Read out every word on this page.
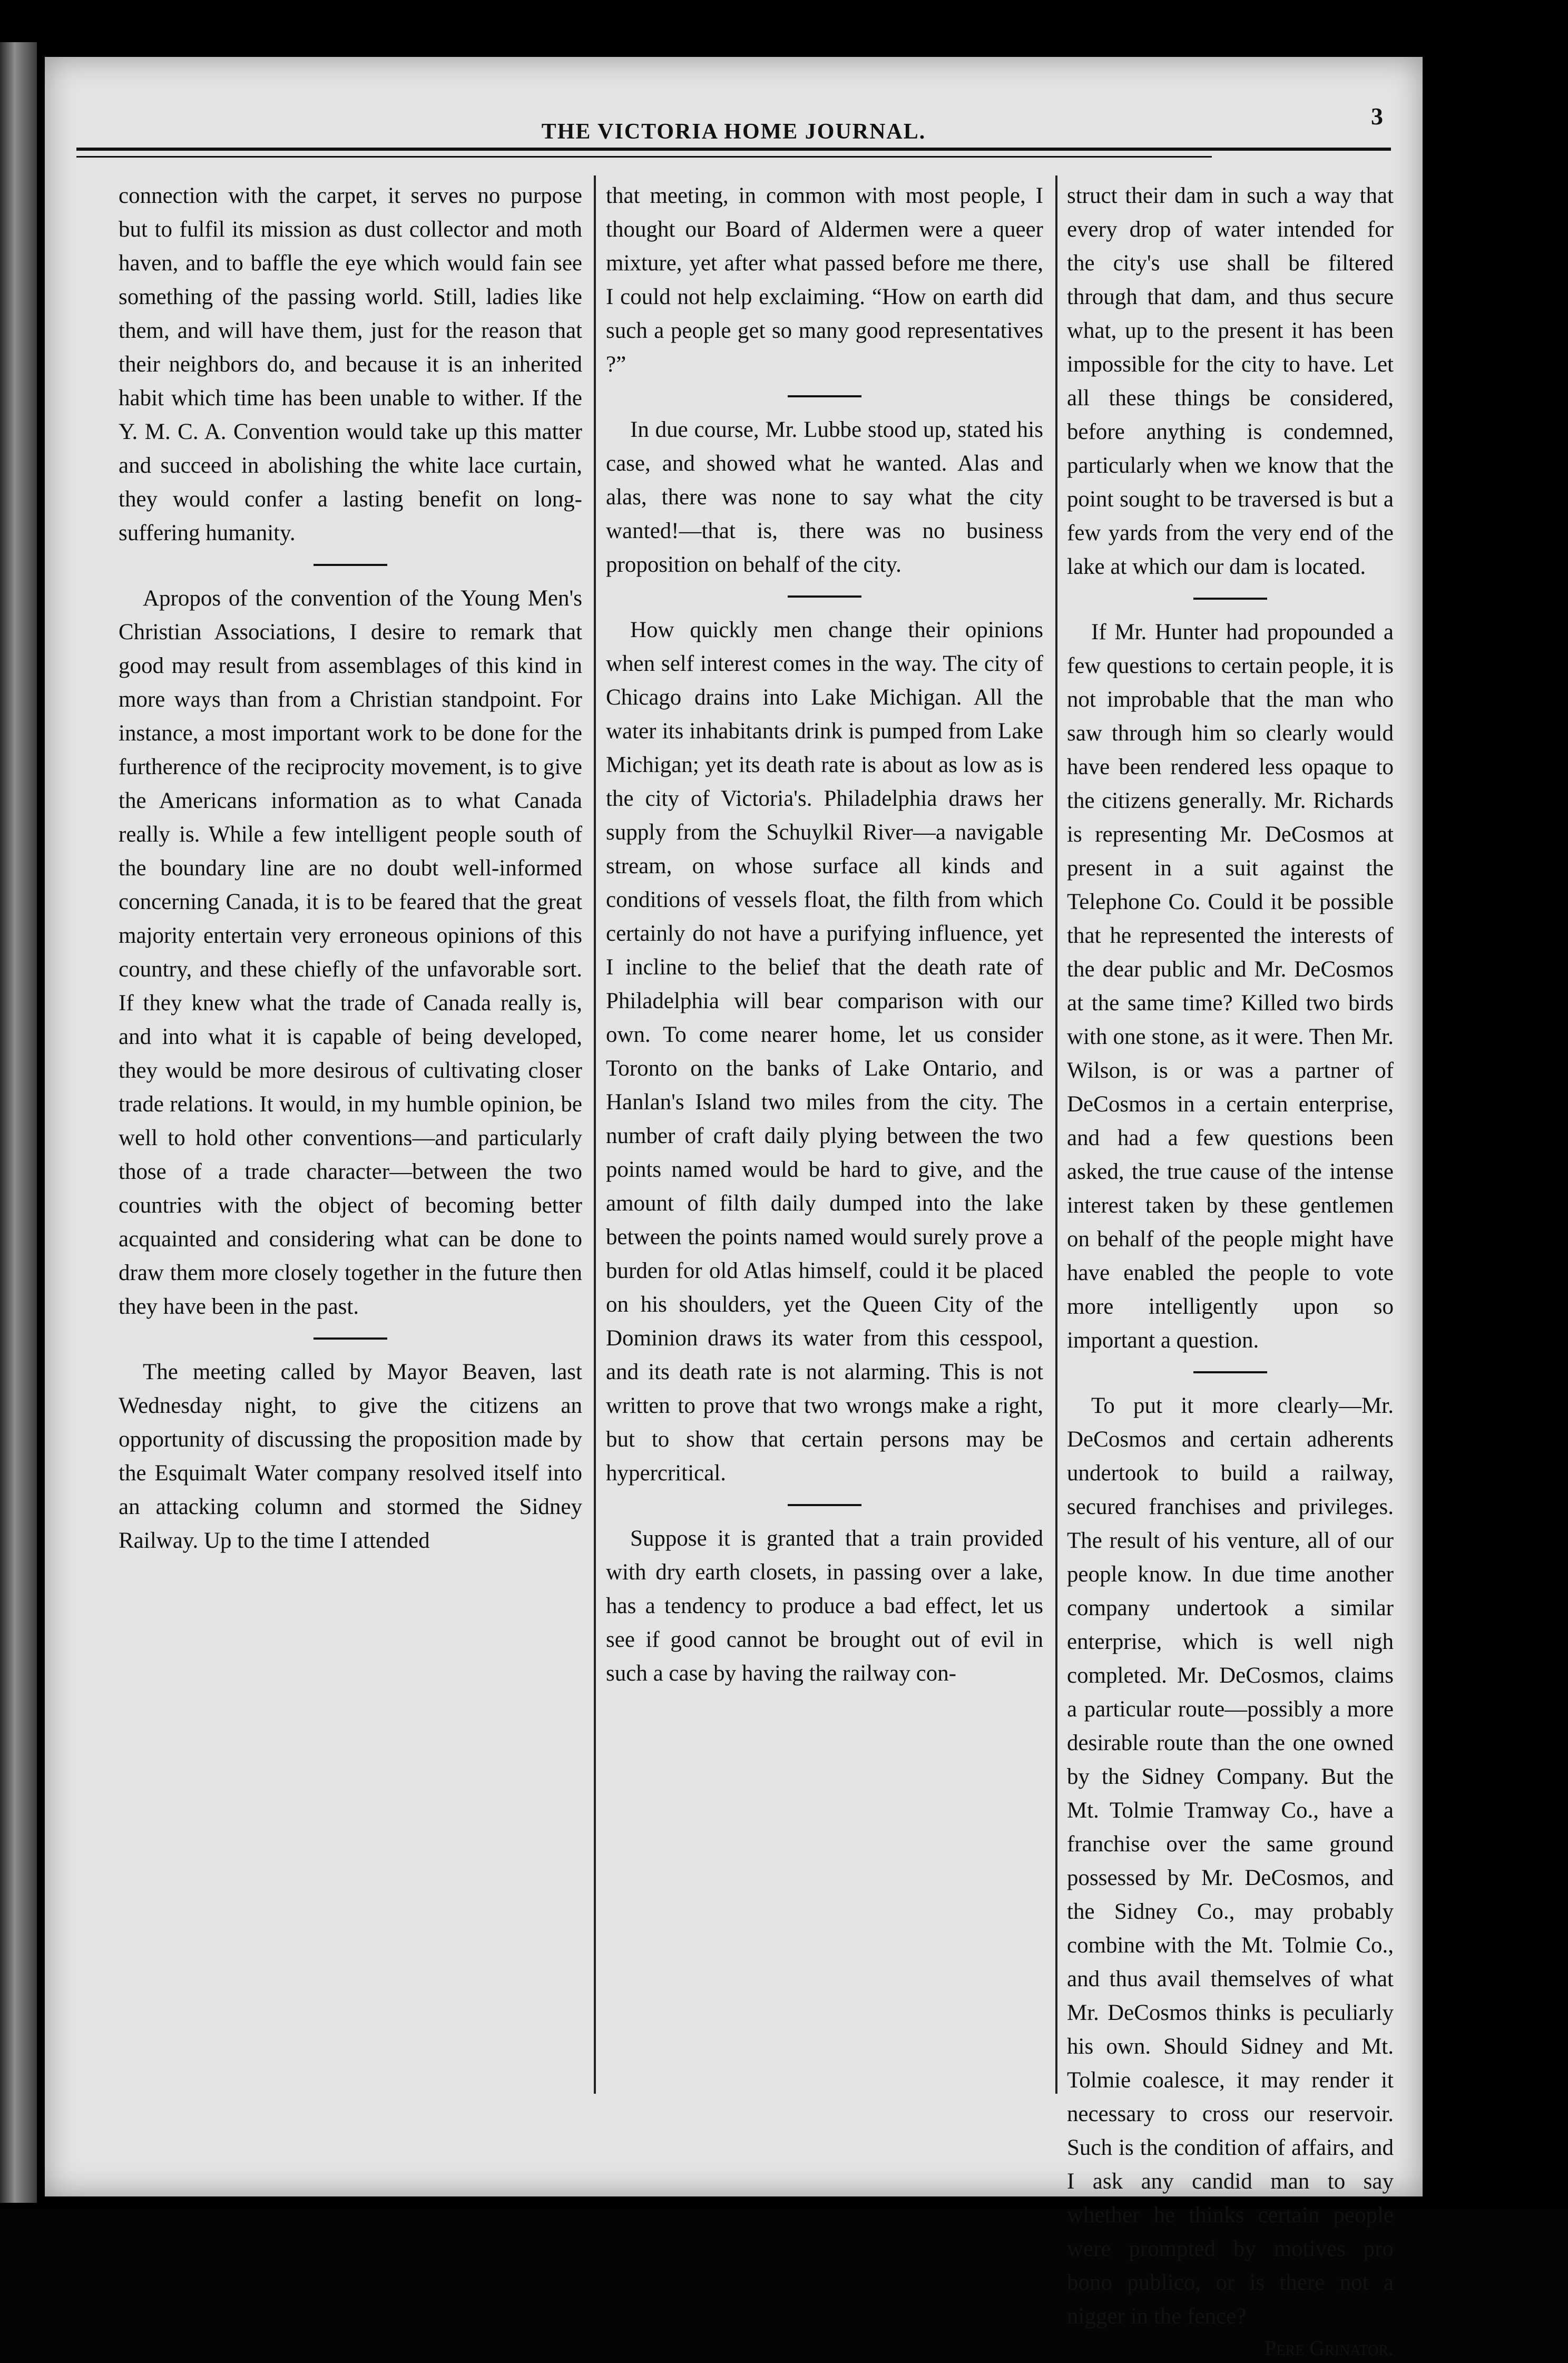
3
THE VICTORIA HOME JOURNAL.

connection with the carpet, it serves no purpose but to fulfil its mission as dust collector and moth haven, and to baffle the eye which would fain see something of the passing world. Still, ladies like them, and will have them, just for the reason that their neighbors do, and because it is an inherited habit which time has been unable to wither. If the Y. M. C. A. Convention would take up this matter and succeed in abolishing the white lace curtain, they would confer a lasting benefit on long-suffering humanity.

Apropos of the convention of the Young Men's Christian Associations, I desire to remark that good may result from assemblages of this kind in more ways than from a Christian standpoint. For instance, a most important work to be done for the furtherence of the reciprocity movement, is to give the Americans information as to what Canada really is. While a few intelligent people south of the boundary line are no doubt well-informed concerning Canada, it is to be feared that the great majority entertain very erroneous opinions of this country, and these chiefly of the unfavorable sort. If they knew what the trade of Canada really is, and into what it is capable of being developed, they would be more desirous of cultivating closer trade relations. It would, in my humble opinion, be well to hold other conventions—and particularly those of a trade character—between the two countries with the object of becoming better acquainted and considering what can be done to draw them more closely together in the future then they have been in the past.

The meeting called by Mayor Beaven, last Wednesday night, to give the citizens an opportunity of discussing the proposition made by the Esquimalt Water company resolved itself into an attacking column and stormed the Sidney Railway. Up to the time I attended

that meeting, in common with most people, I thought our Board of Aldermen were a queer mixture, yet after what passed before me there, I could not help exclaiming. “How on earth did such a people get so many good representatives ?”

In due course, Mr. Lubbe stood up, stated his case, and showed what he wanted. Alas and alas, there was none to say what the city wanted!—that is, there was no business proposition on behalf of the city.

How quickly men change their opinions when self interest comes in the way. The city of Chicago drains into Lake Michigan. All the water its inhabitants drink is pumped from Lake Michigan; yet its death rate is about as low as is the city of Victoria's. Philadelphia draws her supply from the Schuylkil River—a navigable stream, on whose surface all kinds and conditions of vessels float, the filth from which certainly do not have a purifying influence, yet I incline to the belief that the death rate of Philadelphia will bear comparison with our own. To come nearer home, let us consider Toronto on the banks of Lake Ontario, and Hanlan's Island two miles from the city. The number of craft daily plying between the two points named would be hard to give, and the amount of filth daily dumped into the lake between the points named would surely prove a burden for old Atlas himself, could it be placed on his shoulders, yet the Queen City of the Dominion draws its water from this cesspool, and its death rate is not alarming. This is not written to prove that two wrongs make a right, but to show that certain persons may be hypercritical.

Suppose it is granted that a train provided with dry earth closets, in passing over a lake, has a tendency to produce a bad effect, let us see if good cannot be brought out of evil in such a case by having the railway con-

struct their dam in such a way that every drop of water intended for the city's use shall be filtered through that dam, and thus secure what, up to the present it has been impossible for the city to have. Let all these things be considered, before anything is condemned, particularly when we know that the point sought to be traversed is but a few yards from the very end of the lake at which our dam is located.

If Mr. Hunter had propounded a few questions to certain people, it is not improbable that the man who saw through him so clearly would have been rendered less opaque to the citizens generally. Mr. Richards is representing Mr. DeCosmos at present in a suit against the Telephone Co. Could it be possible that he represented the interests of the dear public and Mr. DeCosmos at the same time? Killed two birds with one stone, as it were. Then Mr. Wilson, is or was a partner of DeCosmos in a certain enterprise, and had a few questions been asked, the true cause of the intense interest taken by these gentlemen on behalf of the people might have have enabled the people to vote more intelligently upon so important a question.

To put it more clearly—Mr. DeCosmos and certain adherents undertook to build a railway, secured franchises and privileges. The result of his venture, all of our people know. In due time another company undertook a similar enterprise, which is well nigh completed. Mr. DeCosmos, claims a particular route—possibly a more desirable route than the one owned by the Sidney Company. But the Mt. Tolmie Tramway Co., have a franchise over the same ground possessed by Mr. DeCosmos, and the Sidney Co., may probably combine with the Mt. Tolmie Co., and thus avail themselves of what Mr. DeCosmos thinks is peculiarly his own. Should Sidney and Mt. Tolmie coalesce, it may render it necessary to cross our reservoir. Such is the condition of affairs, and I ask any candid man to say whether he thinks certain people were prompted by motives pro bono publico, or is there not a nigger in the fence?

Pere Grinator.
